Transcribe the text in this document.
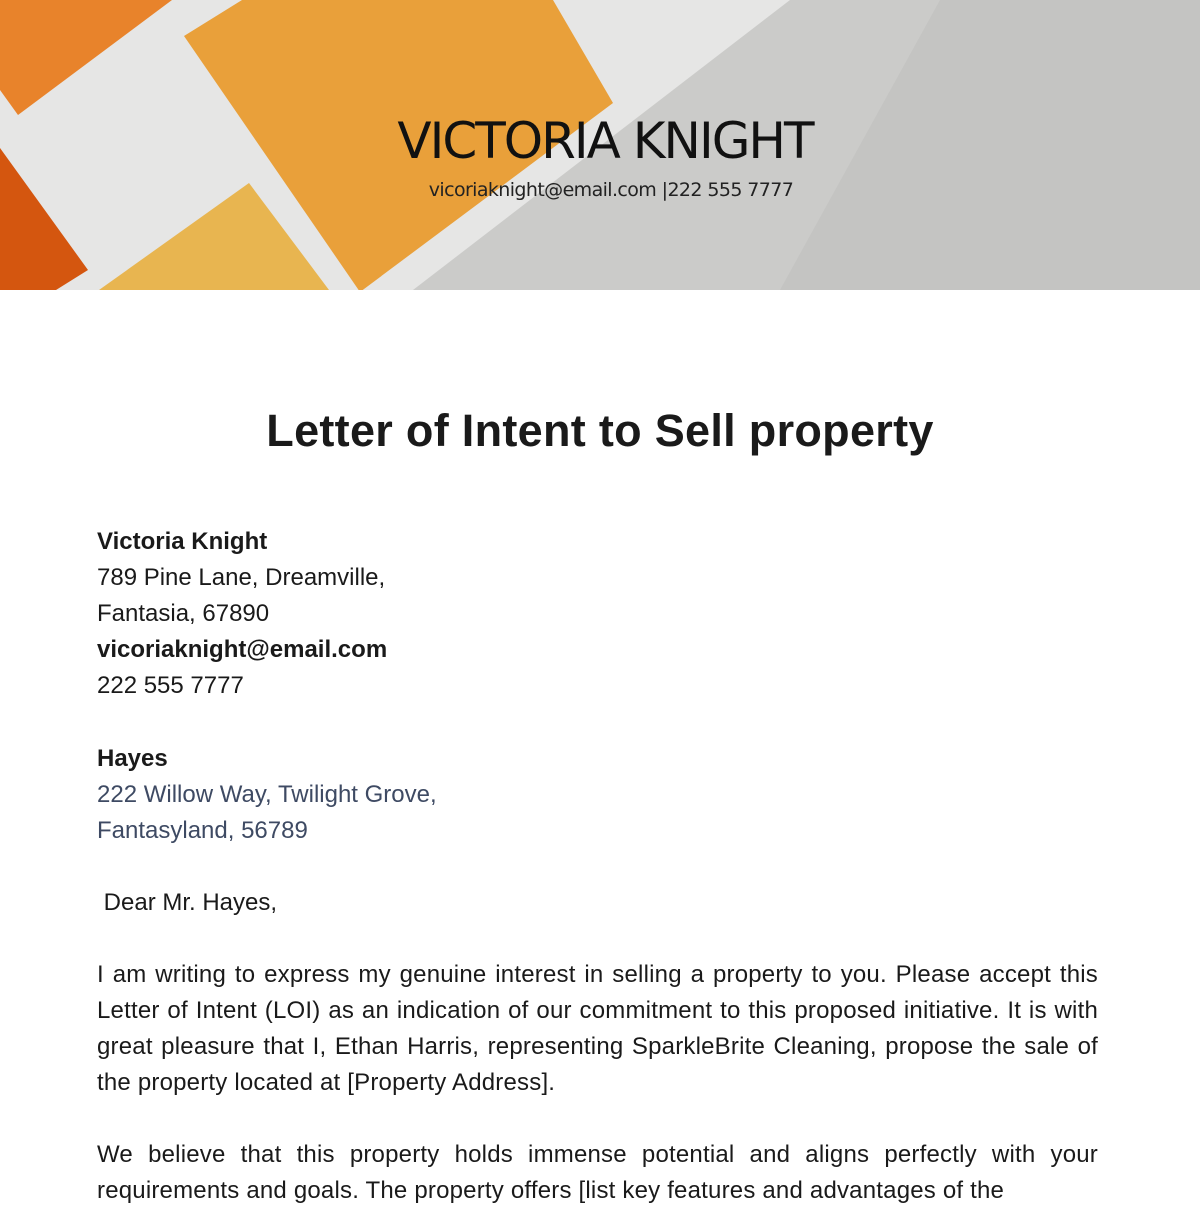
VICTORIA KNIGHT
vicoriaknight@email.com |222 555 7777
Letter of Intent to Sell property
Victoria Knight
789 Pine Lane, Dreamville,
Fantasia, 67890
vicoriaknight@email.com
222 555 7777
Hayes
222 Willow Way, Twilight Grove,
Fantasyland, 56789
Dear Mr. Hayes,
I am writing to express my genuine interest in selling a property to you. Please accept this Letter of Intent (LOI) as an indication of our commitment to this proposed initiative. It is with great pleasure that I, Ethan Harris, representing SparkleBrite Cleaning, propose the sale of the property located at [Property Address].
We believe that this property holds immense potential and aligns perfectly with your requirements and goals. The property offers [list key features and advantages of the
